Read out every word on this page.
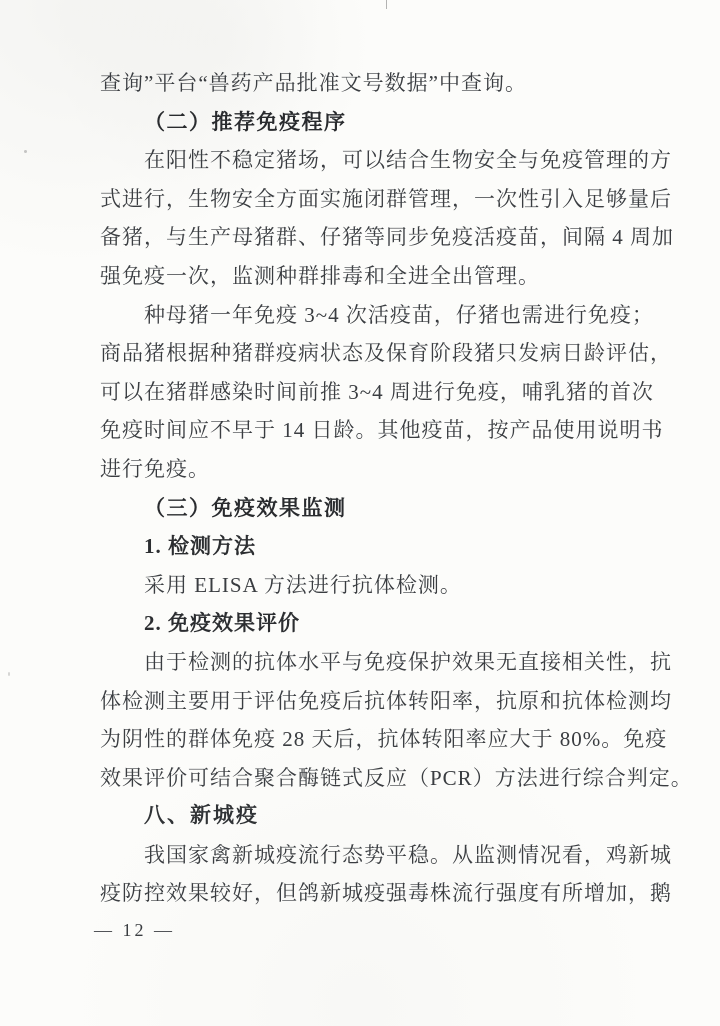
查询”平台“兽药产品批准文号数据”中查询。
（二）推荐免疫程序
在阳性不稳定猪场，可以结合生物安全与免疫管理的方
式进行，生物安全方面实施闭群管理，一次性引入足够量后
备猪，与生产母猪群、仔猪等同步免疫活疫苗，间隔 4 周加
强免疫一次，监测种群排毒和全进全出管理。
种母猪一年免疫 3~4 次活疫苗，仔猪也需进行免疫；
商品猪根据种猪群疫病状态及保育阶段猪只发病日龄评估，
可以在猪群感染时间前推 3~4 周进行免疫，哺乳猪的首次
免疫时间应不早于 14 日龄。其他疫苗，按产品使用说明书
进行免疫。
（三）免疫效果监测
1. 检测方法
采用 ELISA 方法进行抗体检测。
2. 免疫效果评价
由于检测的抗体水平与免疫保护效果无直接相关性，抗
体检测主要用于评估免疫后抗体转阳率，抗原和抗体检测均
为阴性的群体免疫 28 天后，抗体转阳率应大于 80%。免疫
效果评价可结合聚合酶链式反应（PCR）方法进行综合判定。
八、新城疫
我国家禽新城疫流行态势平稳。从监测情况看，鸡新城
疫防控效果较好，但鸽新城疫强毒株流行强度有所增加，鹅
— 12 —
